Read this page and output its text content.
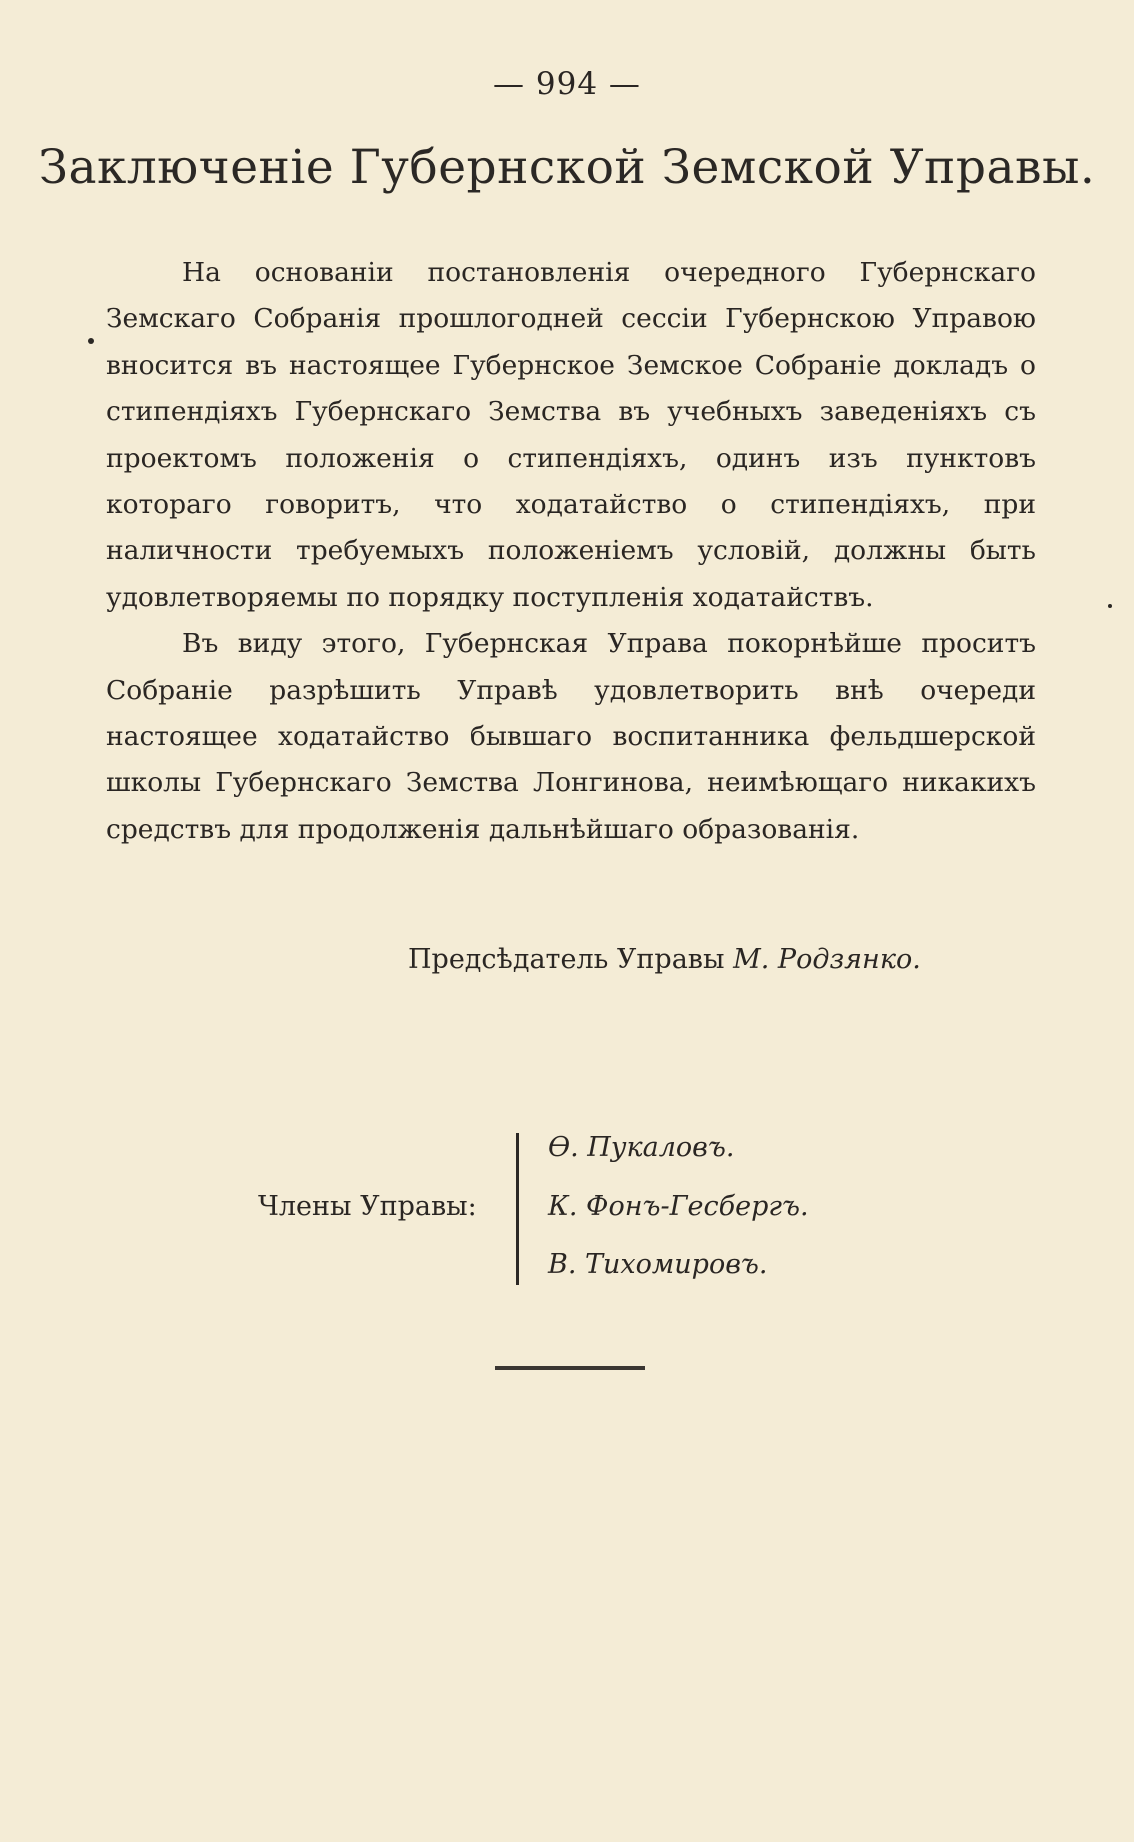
— 994 —
Заключеніе Губернской Земской Управы.

На основаніи постановленія очередного Губернскаго Земскаго Собранія прошлогодней сессіи Губернскою Управою вносится въ настоящее Губернское Земское Собраніе докладъ о стипендіяхъ Губернскаго Земства въ учебныхъ заведеніяхъ съ проектомъ положенія о стипендіяхъ, одинъ изъ пунктовъ котораго говоритъ, что ходатайство о стипендіяхъ, при наличности требуемыхъ положеніемъ условій, должны быть удовлетворяемы по порядку поступленія ходатайствъ.

Въ виду этого, Губернская Управа покорнѣйше проситъ Собраніе разрѣшить Управѣ удовлетворить внѣ очереди настоящее ходатайство бывшаго воспитанника фельдшерской школы Губернскаго Земства Лонгинова, неимѣющаго никакихъ средствъ для продолженія дальнѣйшаго образованія.

Предсѣдатель Управы М. Родзянко.
Члены Управы:
Ѳ. Пукаловъ.
К. Фонъ-Гесбергъ.
В. Тихомировъ.
